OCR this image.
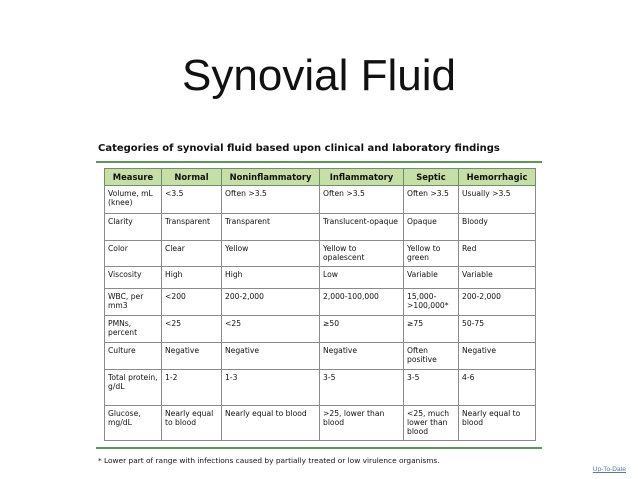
Synovial Fluid
Categories of synovial fluid based upon clinical and laboratory findings
Measure	Normal	Noninflammatory	Inflammatory	Septic	Hemorrhagic
Volume, mL (knee)	<3.5	Often >3.5	Often >3.5	Often >3.5	Usually >3.5
Clarity	Transparent	Transparent	Translucent-opaque	Opaque	Bloody
Color	Clear	Yellow	Yellow to opalescent	Yellow to green	Red
Viscosity	High	High	Low	Variable	Variable
WBC, per mm3	<200	200-2,000	2,000-100,000	15,000->100,000*	200-2,000
PMNs, percent	<25	<25	≥50	≥75	50-75
Culture	Negative	Negative	Negative	Often positive	Negative
Total protein, g/dL	1-2	1-3	3-5	3-5	4-6
Glucose, mg/dL	Nearly equal to blood	Nearly equal to blood	>25, lower than blood	<25, much lower than blood	Nearly equal to blood
* Lower part of range with infections caused by partially treated or low virulence organisms.
Up-To-Date
